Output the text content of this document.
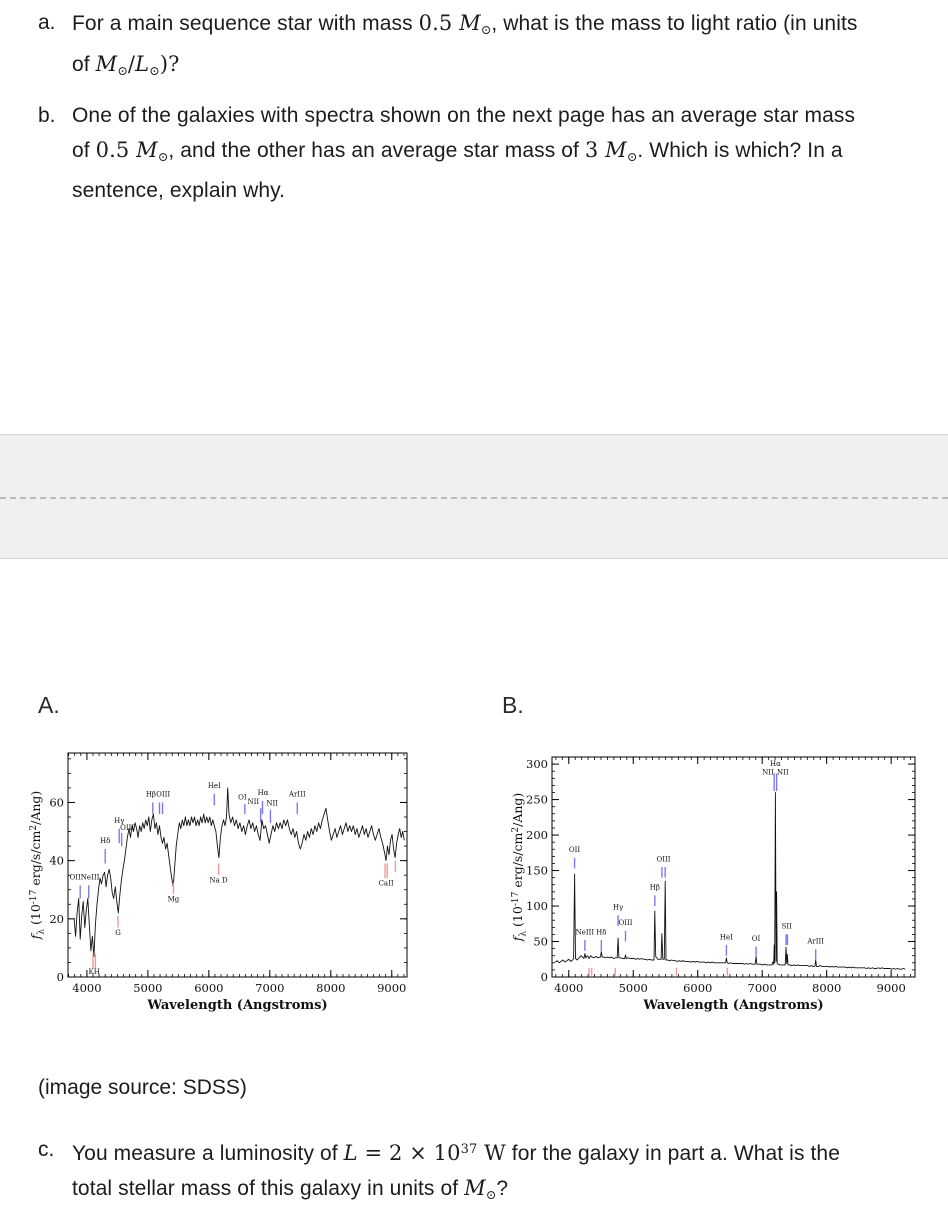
a. For a main sequence star with mass 0.5 M⊙, what is the mass to light ratio (in units
of M⊙/L⊙)?
b. One of the galaxies with spectra shown on the next page has an average star mass
of 0.5 M⊙, and the other has an average star mass of 3 M⊙. Which is which? In a
sentence, explain why.
A.	B.
4000	5000	6000	7000	8000	9000
0
20
40
60
OIINeIII
Hδ
Hγ
OIII
Hβ OIII
HeI
OI
NII
Hα
NII
ArIII
KH
G
Mg
Na D	CaII
Wavelength (Angstroms)
$f_\lambda$ ($10^{-17}$ erg/$s/cm^2/Ang$)
4000	5000	6000	7000	8000	9000
0
50
100
150
200
250
300
OII
NeIII Hδ
Hγ
OIII
Hβ
OIII
HeI	OI
NII
Hα
NII
SII
ArIII
Wavelength (Angstroms)
$f_\lambda$ ($10^{-17}$ erg/$s/cm^2/Ang$)
(image source: SDSS)
c. You measure a luminosity of $L = 2 \times 10^{37}$ W for the galaxy in part a. What is the
total stellar mass of this galaxy in units of M⊙?
